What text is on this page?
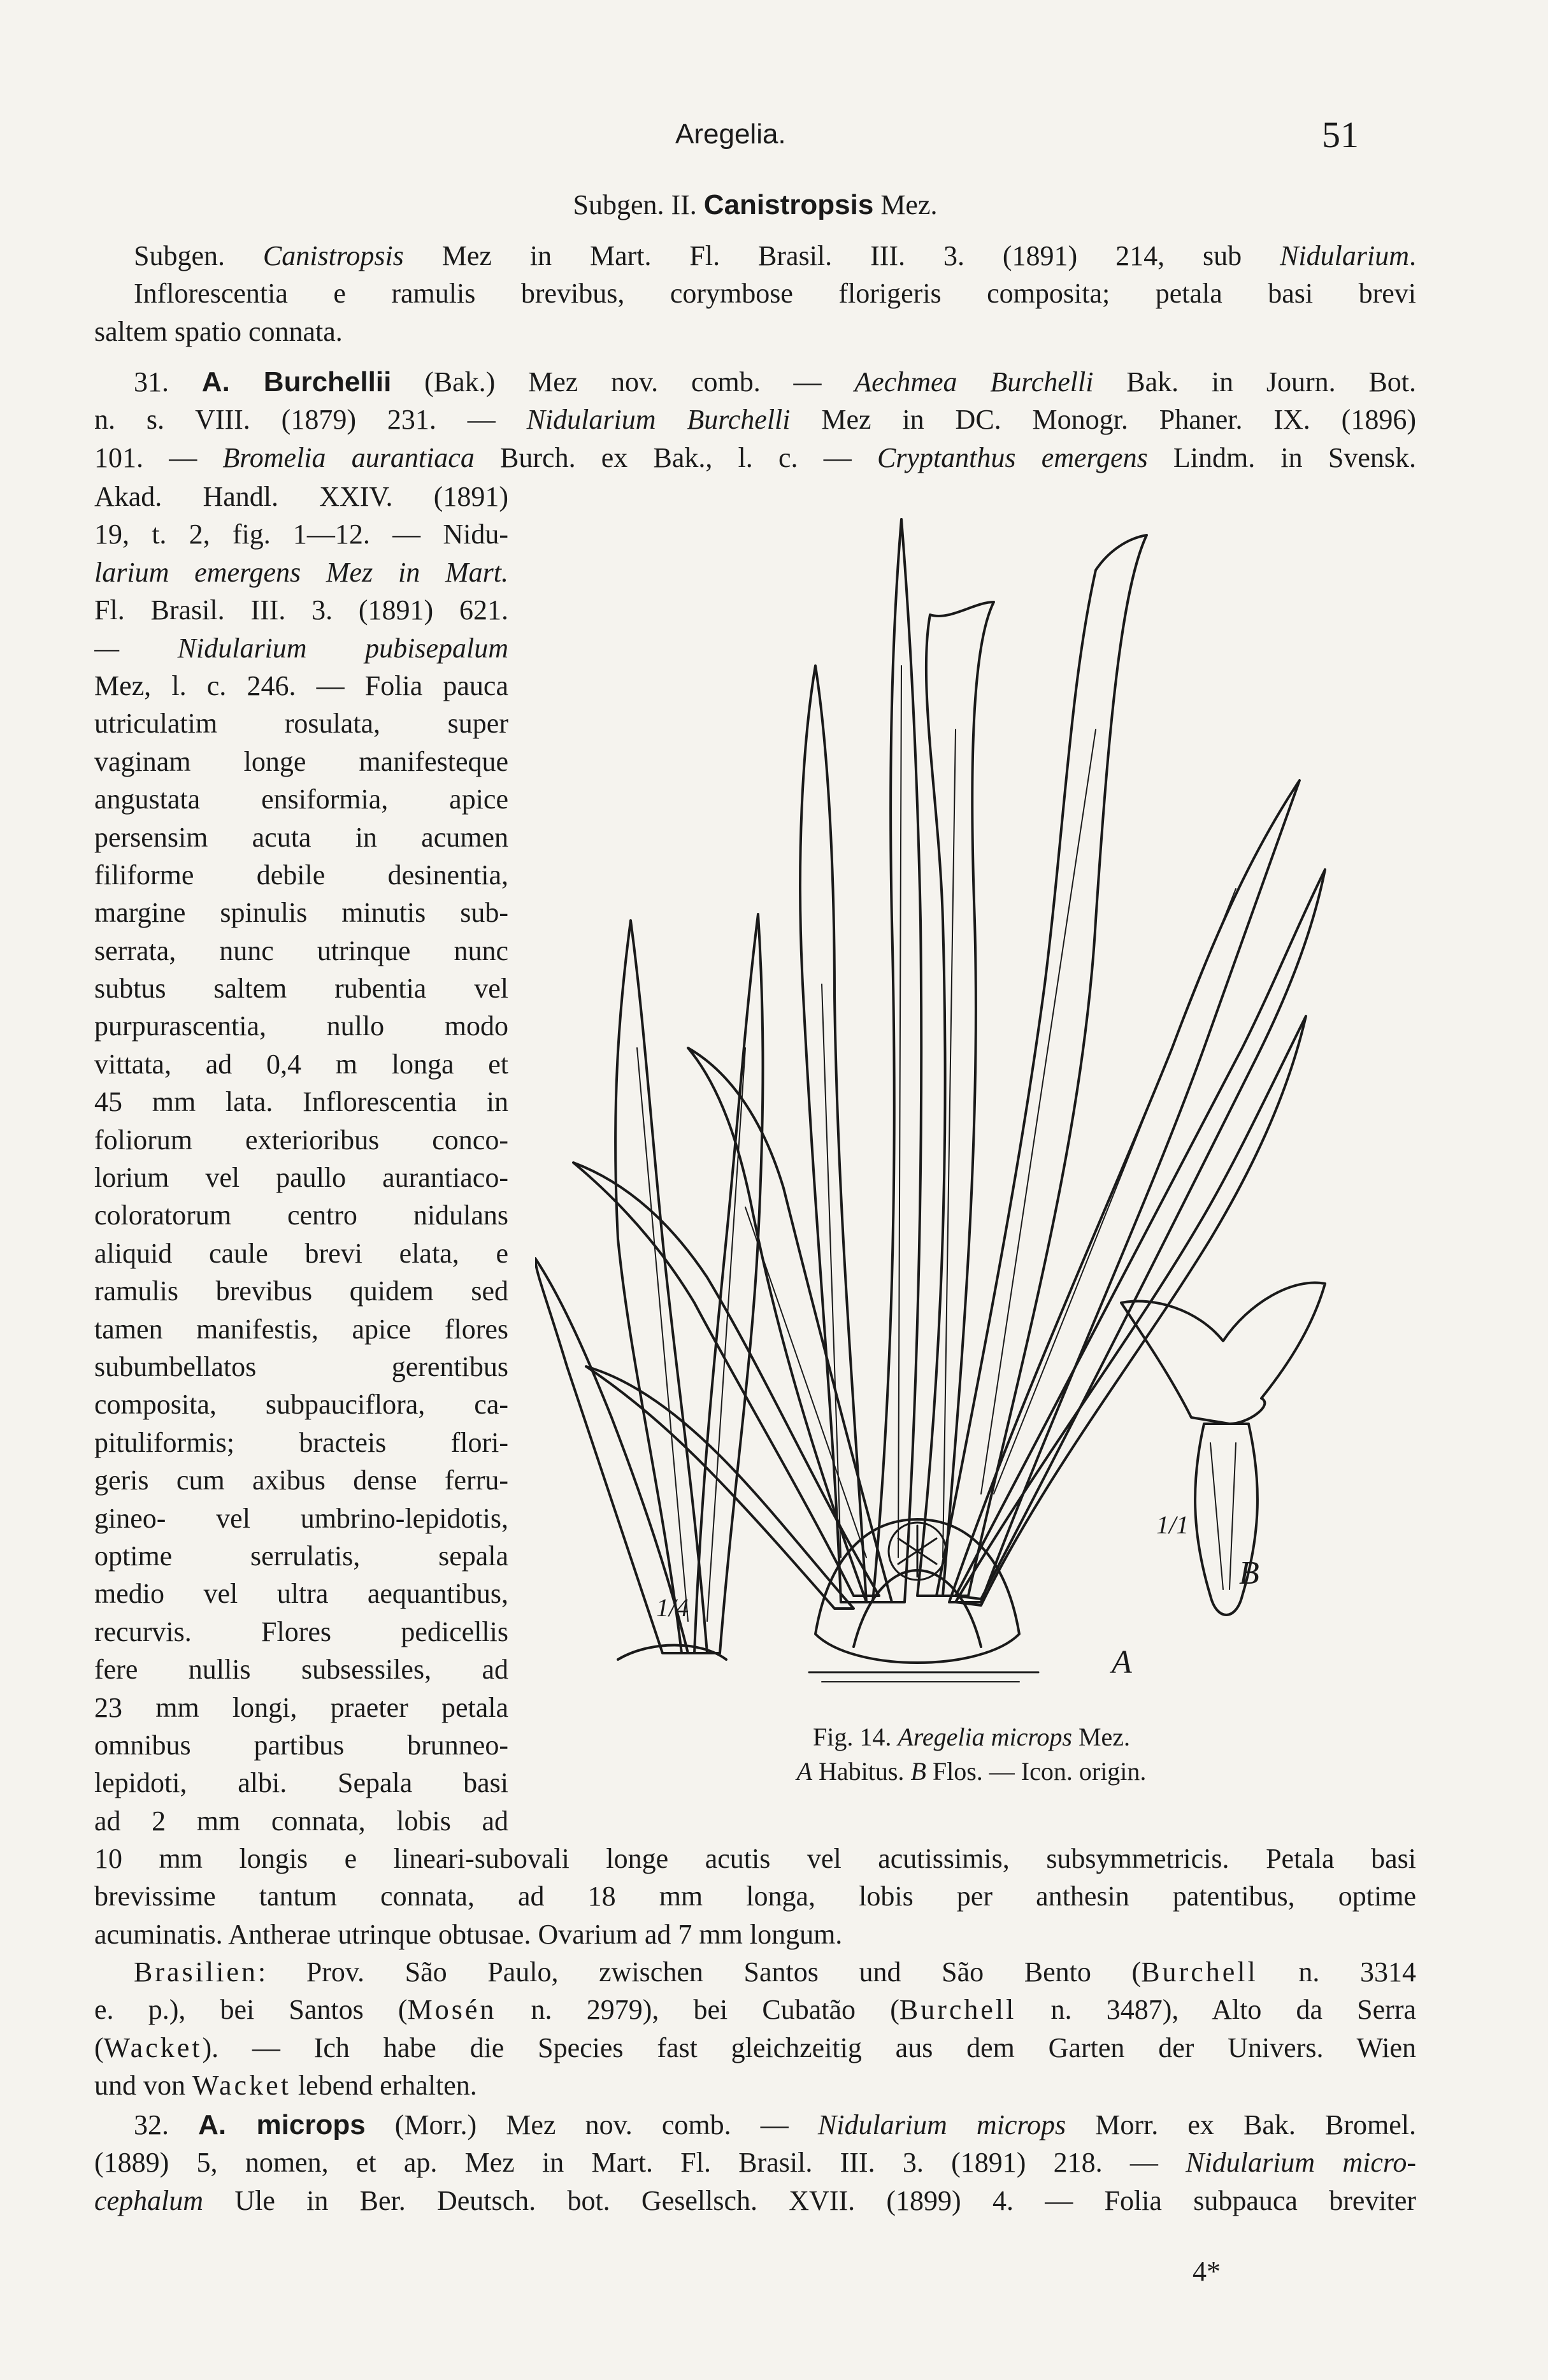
Aregelia.	51
Subgen. II. Canistropsis Mez.
Subgen. Canistropsis Mez in Mart. Fl. Brasil. III. 3. (1891) 214, sub Nidularium.
Inflorescentia e ramulis brevibus, corymbose florigeris composita; petala basi brevi
saltem spatio connata.
31. A. Burchellii (Bak.) Mez nov. comb. — Aechmea Burchelli Bak. in Journ. Bot.
n. s. VIII. (1879) 231. — Nidularium Burchelli Mez in DC. Monogr. Phaner. IX. (1896)
101. — Bromelia aurantiaca Burch. ex Bak., l. c. — Cryptanthus emergens Lindm. in Svensk.
Akad. Handl. XXIV. (1891)
19, t. 2, fig. 1—12. — Nidu-
larium emergens Mez in Mart.
Fl. Brasil. III. 3. (1891) 621.
— Nidularium pubisepalum
Mez, l. c. 246. — Folia pauca
utriculatim rosulata, super
vaginam longe manifesteque
angustata ensiformia, apice
persensim acuta in acumen
filiforme debile desinentia,
margine spinulis minutis sub-
serrata, nunc utrinque nunc
subtus saltem rubentia vel
purpurascentia, nullo modo
vittata, ad 0,4 m longa et
45 mm lata. Inflorescentia in
foliorum exterioribus conco-
lorium vel paullo aurantiaco-
coloratorum centro nidulans
aliquid caule brevi elata, e
ramulis brevibus quidem sed
tamen manifestis, apice flores
subumbellatos gerentibus
composita, subpauciflora, ca-
pituliformis; bracteis flori-
geris cum axibus dense ferru-
gineo- vel umbrino-lepidotis,
optime serrulatis, sepala
medio vel ultra aequantibus,
recurvis. Flores pedicellis
fere nullis subsessiles, ad
23 mm longi, praeter petala
omnibus partibus brunneo-
lepidoti, albi. Sepala basi
ad 2 mm connata, lobis ad
A
B
1/4
1/1
Fig. 14. Aregelia microps Mez.
A Habitus. B Flos. — Icon. origin.
10 mm longis e lineari-subovali longe acutis vel acutissimis, subsymmetricis. Petala basi
brevissime tantum connata, ad 18 mm longa, lobis per anthesin patentibus, optime
acuminatis. Antherae utrinque obtusae. Ovarium ad 7 mm longum.
Brasilien: Prov. São Paulo, zwischen Santos und São Bento (Burchell n. 3314
e. p.), bei Santos (Mosén n. 2979), bei Cubatão (Burchell n. 3487), Alto da Serra
(Wacket). — Ich habe die Species fast gleichzeitig aus dem Garten der Univers. Wien
und von Wacket lebend erhalten.
32. A. microps (Morr.) Mez nov. comb. — Nidularium microps Morr. ex Bak. Bromel.
(1889) 5, nomen, et ap. Mez in Mart. Fl. Brasil. III. 3. (1891) 218. — Nidularium micro-
cephalum Ule in Ber. Deutsch. bot. Gesellsch. XVII. (1899) 4. — Folia subpauca breviter
4*
